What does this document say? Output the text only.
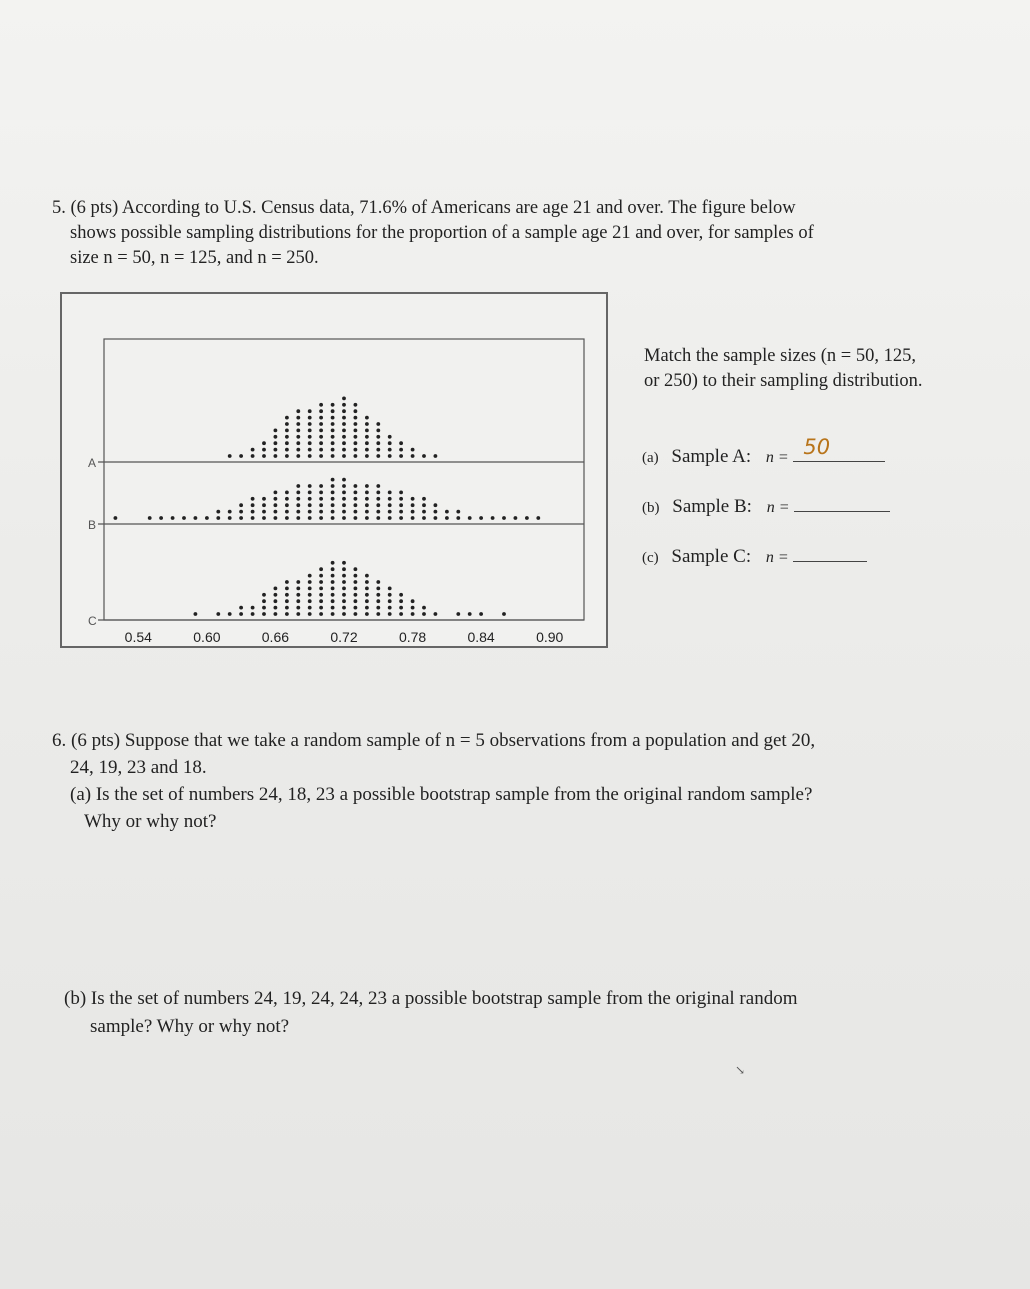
5. (6 pts) According to U.S. Census data, 71.6% of Americans are age 21 and over. The figure below
shows possible sampling distributions for the proportion of a sample age 21 and over, for samples of
size n = 50, n = 125, and n = 250.
A
B
C
0.54	0.60	0.66	0.72	0.78	0.84	0.90
Match the sample sizes (n = 50, 125, or 250) to their sampling distribution.
(a) Sample A: n = 50
(b) Sample B: n =
(c) Sample C: n =
6. (6 pts) Suppose that we take a random sample of n = 5 observations from a population and get 20,
24, 19, 23 and 18.
(a) Is the set of numbers 24, 18, 23 a possible bootstrap sample from the original random sample?
Why or why not?
(b) Is the set of numbers 24, 19, 24, 24, 23 a possible bootstrap sample from the original random
sample? Why or why not?
↘
